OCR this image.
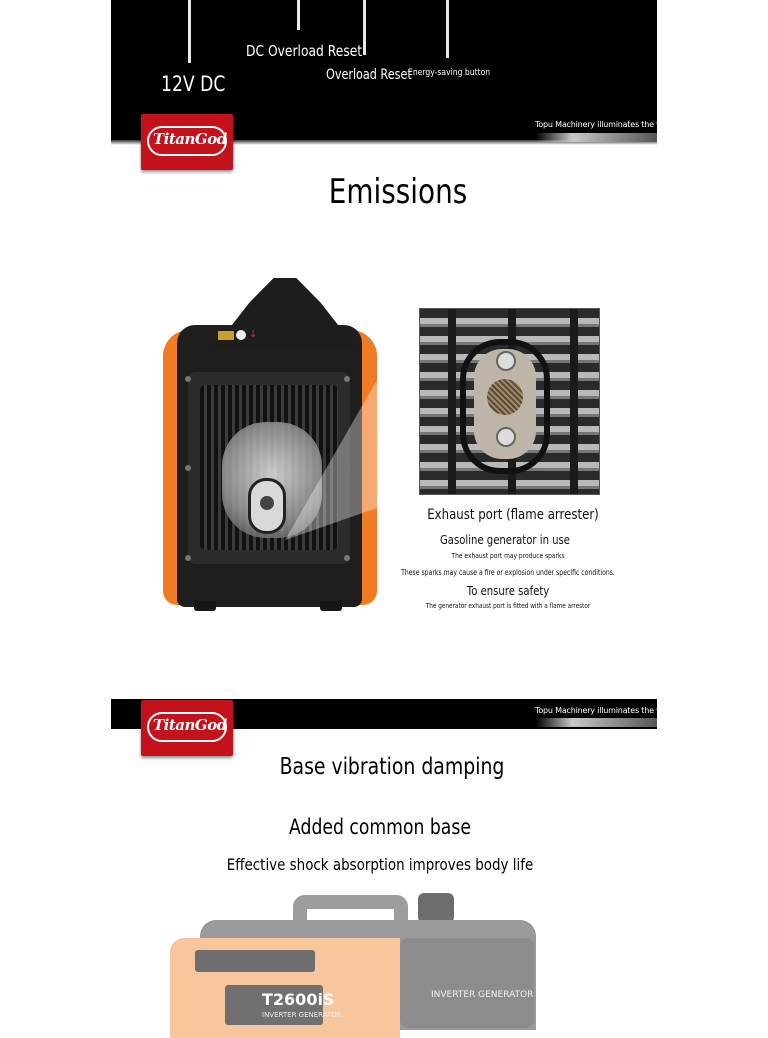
DC Overload Reset
12V DC	Overload Reset
Energy-saving button
Topu Machinery illuminates the world
TitanGod
Emissions
↓
Exhaust port (flame arrester)
Gasoline generator in use
The exhaust port may produce sparks
These sparks may cause a fire or explosion under specific conditions.
To ensure safety
The generator exhaust port is fitted with a flame arrestor
Topu Machinery illuminates the world
TitanGod
Base vibration damping
Added common base
Effective shock absorption improves body life
T2600iS
INVERTER GENERATOR
INVERTER GENERATOR
